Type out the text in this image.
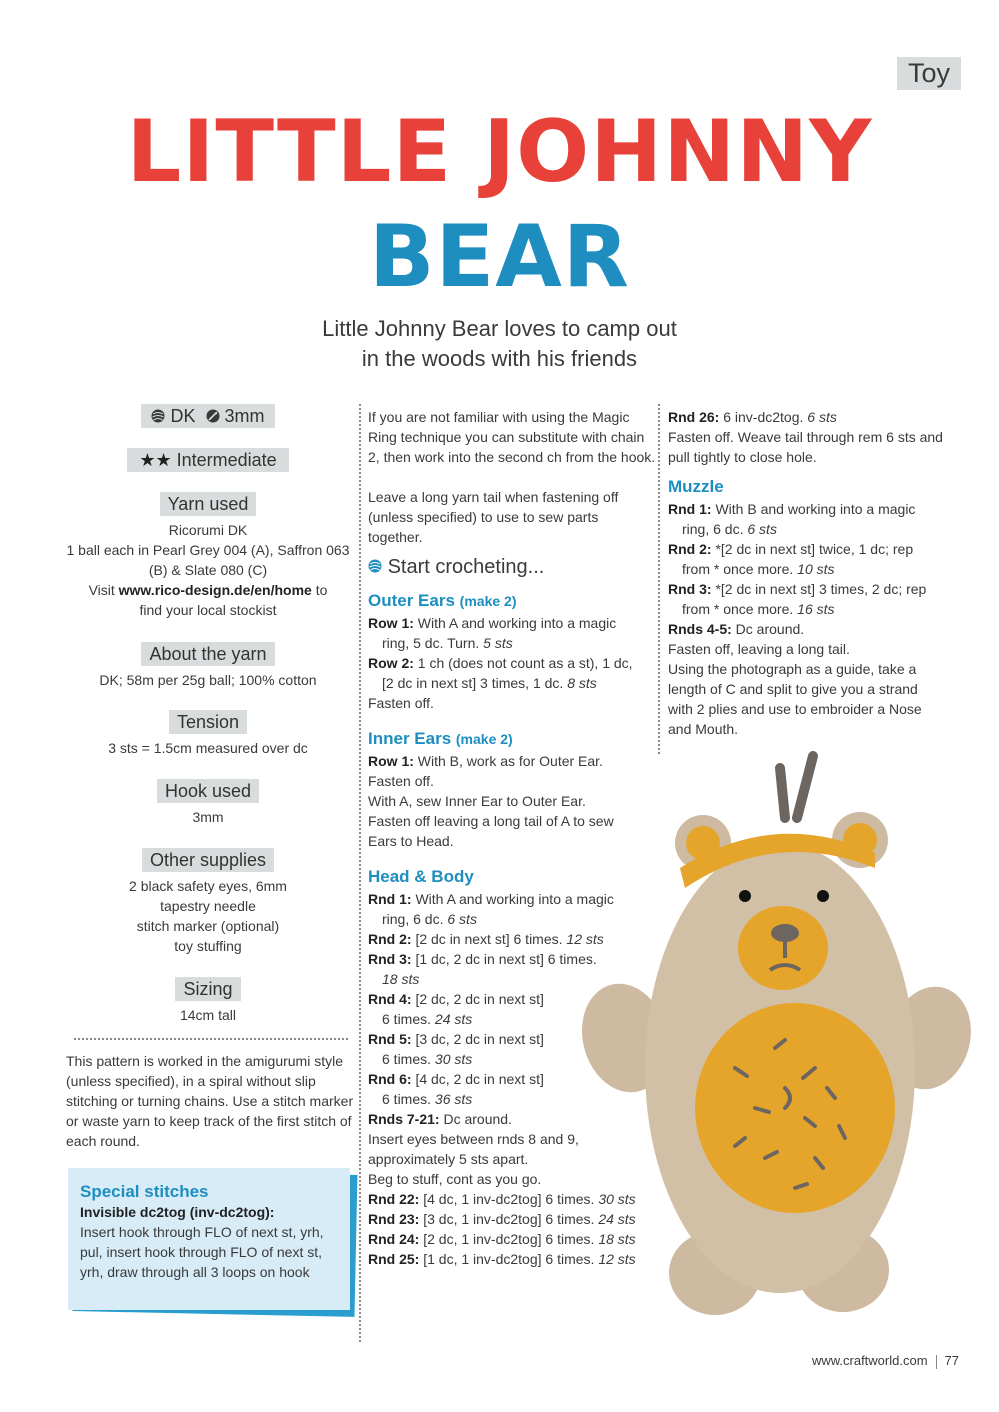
Toy
LITTLE JOHNNY
BEAR
Little Johnny Bear loves to camp out
in the woods with his friends
DK 3mm
★★ Intermediate
Yarn used
Ricorumi DK
1 ball each in Pearl Grey 004 (A), Saffron 063
(B) & Slate 080 (C)
Visit www.rico-design.de/en/home to
find your local stockist
About the yarn
DK; 58m per 25g ball; 100% cotton
Tension
3 sts = 1.5cm measured over dc
Hook used
3mm
Other supplies
2 black safety eyes, 6mm
tapestry needle
stitch marker (optional)
toy stuffing
Sizing
14cm tall

This pattern is worked in the amigurumi style (unless specified), in a spiral without slip stitching or turning chains. Use a stitch marker or waste yarn to keep track of the first stitch of each round.

Special stitches
Invisible dc2tog (inv-dc2tog):

Insert hook through FLO of next st, yrh, pul, insert hook through FLO of next st, yrh, draw through all 3 loops on hook

If you are not familiar with using the Magic Ring technique you can substitute with chain 2, then work into the second ch from the hook.

Leave a long yarn tail when fastening off (unless specified) to use to sew parts together.

Start crocheting...
Outer Ears (make 2)

Row 1: With A and working into a magic

ring, 5 dc. Turn. 5 sts

Row 2: 1 ch (does not count as a st), 1 dc,

[2 dc in next st] 3 times, 1 dc. 8 sts

Fasten off.

Inner Ears (make 2)

Row 1: With B, work as for Outer Ear.

Fasten off.

With A, sew Inner Ear to Outer Ear.

Fasten off leaving a long tail of A to sew

Ears to Head.

Head & Body

Rnd 1: With A and working into a magic

ring, 6 dc. 6 sts

Rnd 2: [2 dc in next st] 6 times. 12 sts

Rnd 3: [1 dc, 2 dc in next st] 6 times.

18 sts

Rnd 4: [2 dc, 2 dc in next st]

6 times. 24 sts

Rnd 5: [3 dc, 2 dc in next st]

6 times. 30 sts

Rnd 6: [4 dc, 2 dc in next st]

6 times. 36 sts

Rnds 7-21: Dc around.

Insert eyes between rnds 8 and 9,

approximately 5 sts apart.

Beg to stuff, cont as you go.

Rnd 22: [4 dc, 1 inv-dc2tog] 6 times. 30 sts

Rnd 23: [3 dc, 1 inv-dc2tog] 6 times. 24 sts

Rnd 24: [2 dc, 1 inv-dc2tog] 6 times. 18 sts

Rnd 25: [1 dc, 1 inv-dc2tog] 6 times. 12 sts

Rnd 26: 6 inv-dc2tog. 6 sts

Fasten off. Weave tail through rem 6 sts and

pull tightly to close hole.

Muzzle

Rnd 1: With B and working into a magic

ring, 6 dc. 6 sts

Rnd 2: *[2 dc in next st] twice, 1 dc; rep

from * once more. 10 sts

Rnd 3: *[2 dc in next st] 3 times, 2 dc; rep

from * once more. 16 sts

Rnds 4-5: Dc around.

Fasten off, leaving a long tail.

Using the photograph as a guide, take a

length of C and split to give you a strand

with 2 plies and use to embroider a Nose

and Mouth.

www.craftworld.com 77
